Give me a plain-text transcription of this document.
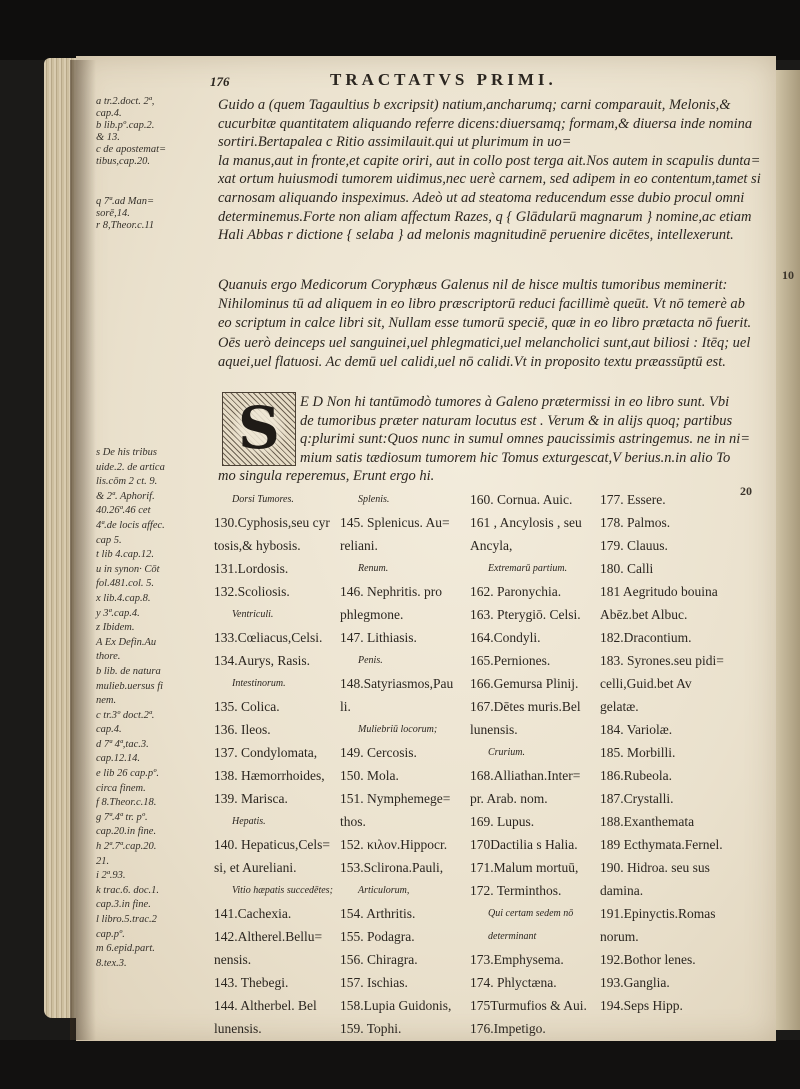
10
20
176	TRACTATVS PRIMI.
a tr.2.doct. 2ª,
cap.4.
b lib.pº.cap.2.
& 13.
c de apostemat=
tibus,cap.20.
q 7ª.ad Man=
sorē,14.
r 8,Theor.c.11
Guido a (quem Tagaultius b excripsit) natium,ancharumq; carni comparauit, Melonis,&
cucurbitæ quantitatem aliquando referre dicens:diuersamq; formam,& diuersa inde nomina
sortiri.Bertapalea c Ritio assimilauit.qui ut plurimum in uo=
la manus,aut in fronte,et capite oriri, aut in collo post terga ait.Nos autem in scapulis dunta=
xat ortum huiusmodi tumorem uidimus,nec uerè carnem, sed adipem in eo contentum,tamet si
carnosam aliquando inspeximus. Adeò ut ad steatoma reducendum esse dubio procul omni
determinemus.Forte non aliam affectum Razes, q { Glādularū magnarum } nomine,ac etiam
Hali Abbas r dictione { selaba } ad melonis magnitudinē peruenire dicētes, intellexerunt.
Quanuis ergo Medicorum Coryphæus Galenus nil de hisce multis tumoribus meminerit:
Nihilominus tū ad aliquem in eo libro præscriptorū reduci facillimè queūt. Vt nō temerè ab
eo scriptum in calce libri sit, Nullam esse tumorū speciē, quæ in eo libro prætacta nō fuerit.
Oēs uerò deinceps uel sanguinei,uel phlegmatici,uel melancholici sunt,aut biliosi : Itēq; uel
aquei,uel flatuosi. Ac demū uel calidi,uel nō calidi.Vt in proposito textu præassūptū est.
S	E D Non hi tantūmodò tumores à Galeno prætermissi in eo libro sunt. Vbi
de tumoribus præter naturam locutus est . Verum & in alijs quoq; partibus
q:plurimi sunt:Quos nunc in sumul omnes paucissimis astringemus. ne in ni=
mium satis tædiosum tumorem hic Tomus exturgescat,V berius.n.in alio To
mo singula reperemus, Erunt ergo hi.
s De his tribus
uide.2. de artica
lis.cōm 2 ct. 9.
& 2ª. Aphorif.
40.26ª.46 cet
4ª.de locis affec.
cap 5.
t lib 4.cap.12.
u in synon· Cōt
fol.481.col. 5.
x lib.4.cap.8.
y 3ª.cap.4.
z Ibidem.
A Ex Defin.Au
thore.
b lib. de natura
mulieb.uersus fi
nem.
c tr.3º doct.2ª.
cap.4.
d 7ª 4ª,tac.3.
cap.12.14.
e lib 26 cap.pº.
circa finem.
f 8.Theor.c.18.
g 7ª.4ª tr. pº.
cap.20.in fine.
h 2ª.7ª.cap.20.
21.
i 2ª.93.
k trac.6. doc.1.
cap.3.in fine.
l libro.5.trac.2
cap.pº.
m 6.epid.part.
8.tex.3.
Dorsi Tumores.
130.Cyphosis,seu cyr
tosis,& hybosis.
131.Lordosis.
132.Scoliosis.
Ventriculi.
133.Cœliacus,Celsi.
134.Aurys, Rasis.
Intestinorum.
135. Colica.
136. Ileos.
137. Condylomata,
138. Hæmorrhoides,
139. Marisca.
Hepatis.
140. Hepaticus,Cels=
si, et Aureliani.
Vitio hæpatis succedētes;
141.Cachexia.
142.Altherel.Bellu=
nensis.
143. Thebegi.
144. Altherbel. Bel
lunensis.
Splenis.
145. Splenicus. Au=
reliani.
Renum.
146. Nephritis. pro
phlegmone.
147. Lithiasis.
Penis.
148.Satyriasmos,Pau
li.
Muliebriū locorum;
149. Cercosis.
150. Mola.
151. Nymphemege=
thos.
152. κιλον.Hippocr.
153.Sclirona.Pauli,
Articulorum,
154. Arthritis.
155. Podagra.
156. Chiragra.
157. Ischias.
158.Lupia Guidonis,
159. Tophi.
160. Cornua. Auic.
161 , Ancylosis , seu
Ancyla,
Extremarū partium.
162. Paronychia.
163. Pterygiō. Celsi.
164.Condyli.
165.Perniones.
166.Gemursa Plinij.
167.Dētes muris.Bel
lunensis.
Crurium.
168.Alliathan.Inter=
pr. Arab. nom.
169. Lupus.
170Dactilia s Halia.
171.Malum mortuū,
172. Terminthos.
Qui certam sedem nō
determinant
173.Emphysema.
174. Phlyctæna.
175Turmufios & Aui.
176.Impetigo.
177. Essere.
178. Palmos.
179. Clauus.
180. Calli
181 Aegritudo bouina
Abēz.bet Albuc.
182.Dracontium.
183. Syrones.seu pidi=
celli,Guid.bet Av
gelatæ.
184. Variolæ.
185. Morbilli.
186.Rubeola.
187.Crystalli.
188.Exanthemata
189 Ecthymata.Fernel.
190. Hidroa. seu sus
damina.
191.Epinyctis.Romas
norum.
192.Bothor lenes.
193.Ganglia.
194.Seps Hipp.
